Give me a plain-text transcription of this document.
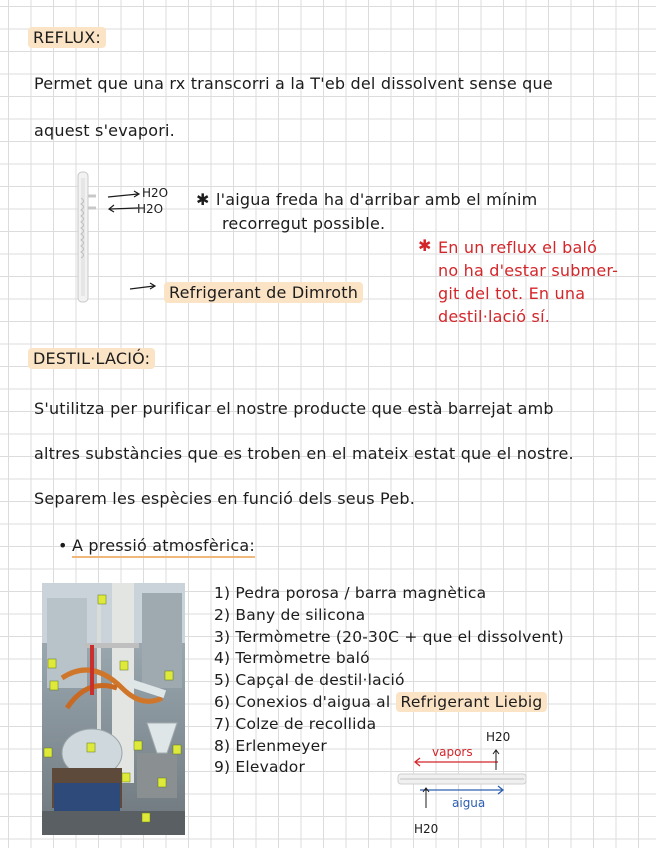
REFLUX:
Permet que una rx transcorri a la T'eb del dissolvent sense que
aquest s'evapori.
H2O
H2O ✱ l'aigua freda ha d'arribar amb el mínim
recorregut possible.
✱ En un reflux el baló
no ha d'estar submer-
git del tot. En una
destil·lació sí.
Refrigerant de Dimroth
DESTIL·LACIÓ:
S'utilitza per purificar el nostre producte que està barrejat amb
altres substàncies que es troben en el mateix estat que el nostre.
Separem les espècies en funció dels seus Peb.
• A pressió atmosfèrica:
1) Pedra porosa / barra magnètica
2) Bany de silicona
3) Termòmetre (20-30C + que el dissolvent)
4) Termòmetre baló
5) Capçal de destil·lació
6) Conexios d'aigua al Refrigerant Liebig
7) Colze de recollida
8) Erlenmeyer
9) Elevador
vapors
H20
aigua
H20
